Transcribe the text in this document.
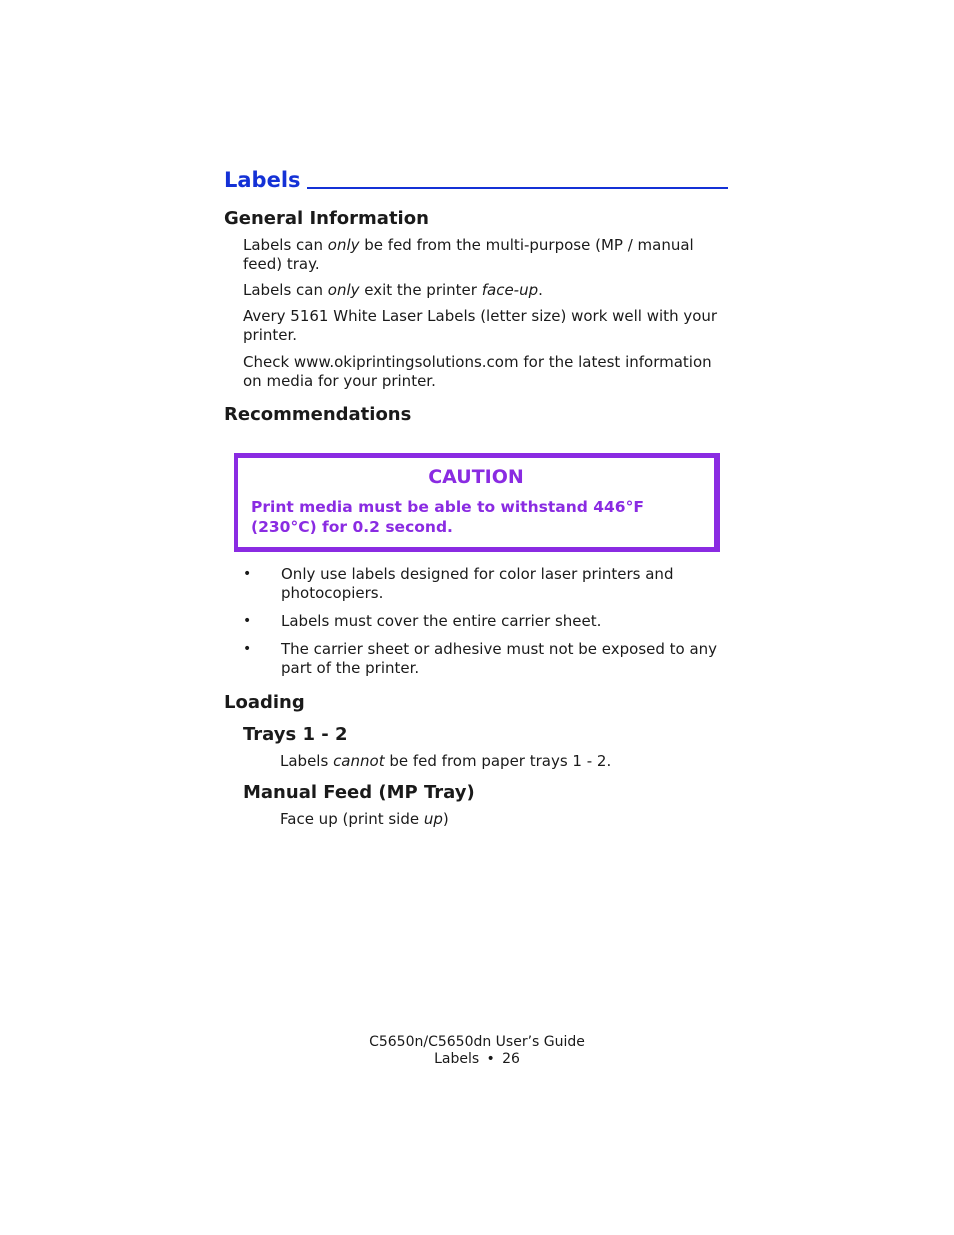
Labels
General Information
Labels can only be fed from the multi-purpose (MP / manual feed) tray.
Labels can only exit the printer face-up.
Avery 5161 White Laser Labels (letter size) work well with your printer.
Check www.okiprintingsolutions.com for the latest information on media for your printer.
Recommendations
CAUTION
Print media must be able to withstand 446°F (230°C) for 0.2 second.
•	Only use labels designed for color laser printers and photocopiers.
•	Labels must cover the entire carrier sheet.
•	The carrier sheet or adhesive must not be exposed to any part of the printer.
Loading
Trays 1 - 2
Labels cannot be fed from paper trays 1 - 2.
Manual Feed (MP Tray)
Face up (print side up)
C5650n/C5650dn User’s Guide
Labels • 26
